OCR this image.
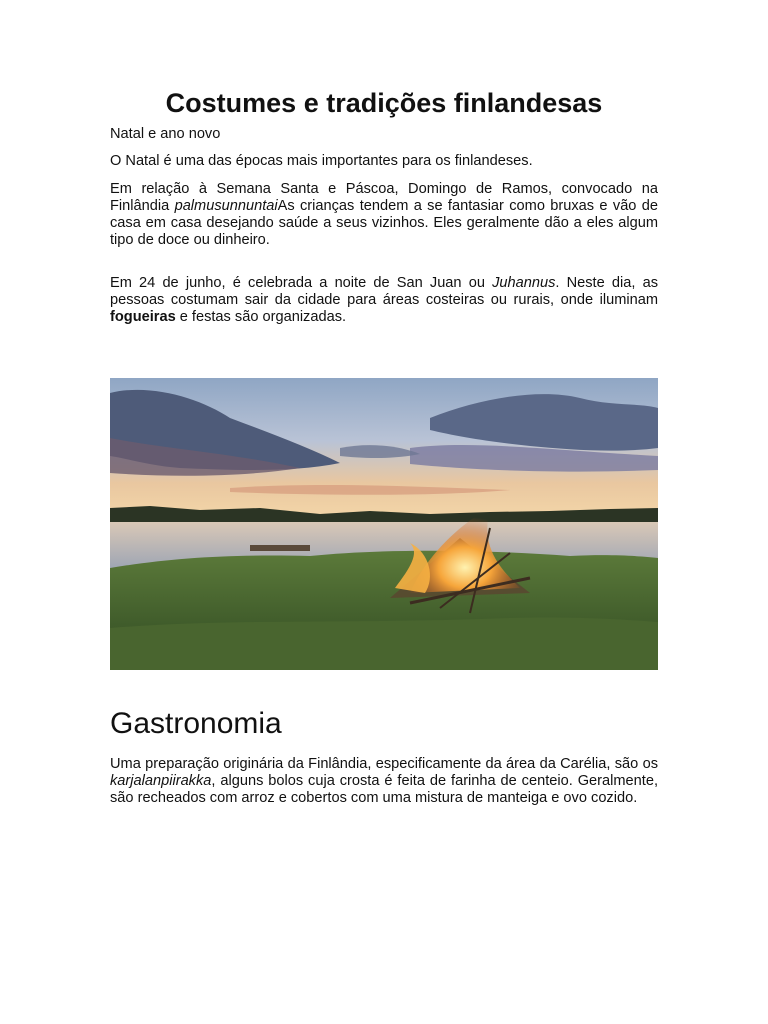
Costumes e tradições finlandesas

Natal e ano novo

O Natal é uma das épocas mais importantes para os finlandeses.

Em relação à Semana Santa e Páscoa, Domingo de Ramos, convocado na Finlândia palmusunnuntaiAs crianças tendem a se fantasiar como bruxas e vão de casa em casa desejando saúde a seus vizinhos. Eles geralmente dão a eles algum tipo de doce ou dinheiro.

Em 24 de junho, é celebrada a noite de San Juan ou Juhannus. Neste dia, as pessoas costumam sair da cidade para áreas costeiras ou rurais, onde iluminam fogueiras e festas são organizadas.

Gastronomia

Uma preparação originária da Finlândia, especificamente da área da Carélia, são os karjalanpiirakka, alguns bolos cuja crosta é feita de farinha de centeio. Geralmente, são recheados com arroz e cobertos com uma mistura de manteiga e ovo cozido.
